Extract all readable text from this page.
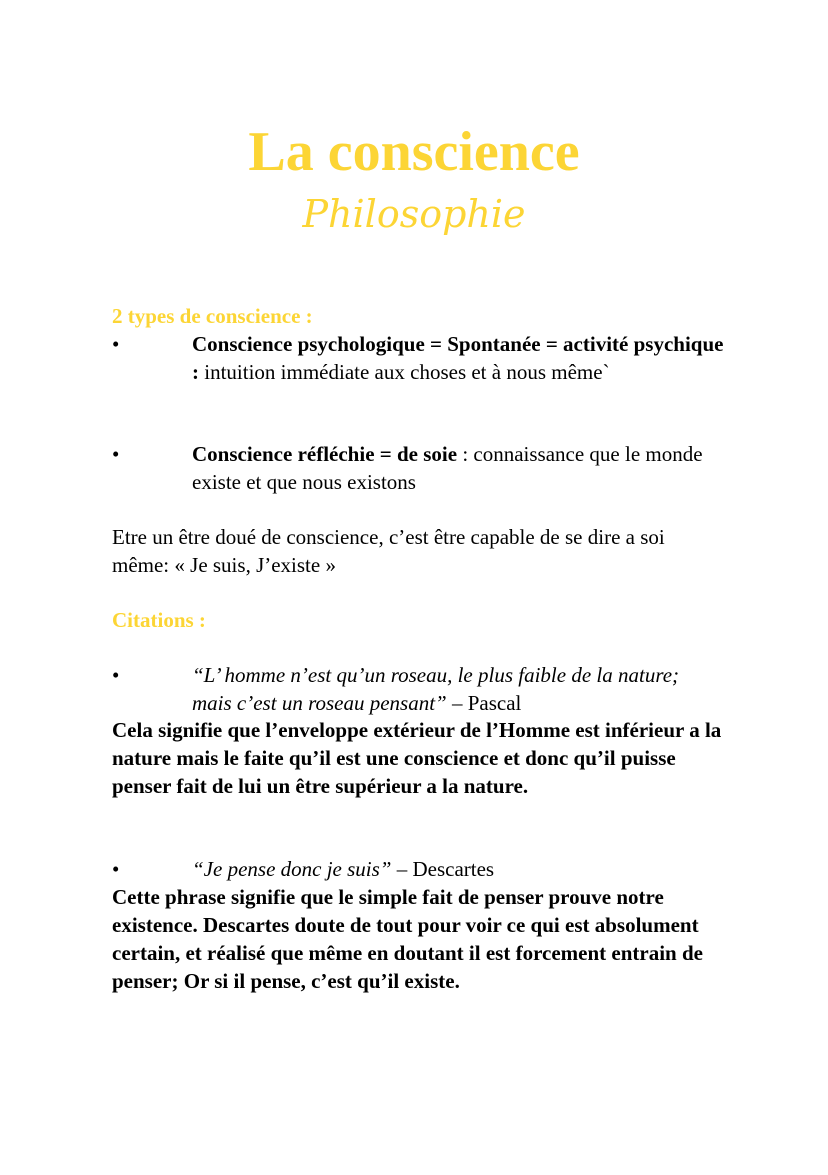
La conscience
Philosophie
2 types de conscience :
•	Conscience psychologique = Spontanée = activité psychique : intuition immédiate aux choses et à nous même`
•	Conscience réfléchie = de soie : connaissance que le monde existe et que nous existons
Etre un être doué de conscience, c’est être capable de se dire a soi même: « Je suis, J’existe »
Citations :
•	“L’ homme n’est qu’un roseau, le plus faible de la nature; mais c’est un roseau pensant” – Pascal
Cela signifie que l’enveloppe extérieur de l’Homme est inférieur a la nature mais le faite qu’il est une conscience et donc qu’il puisse penser fait de lui un être supérieur a la nature.
•	“Je pense donc je suis” – Descartes
Cette phrase signifie que le simple fait de penser prouve notre existence. Descartes doute de tout pour voir ce qui est absolument certain, et réalisé que même en doutant il est forcement entrain de penser; Or si il pense, c’est qu’il existe.
